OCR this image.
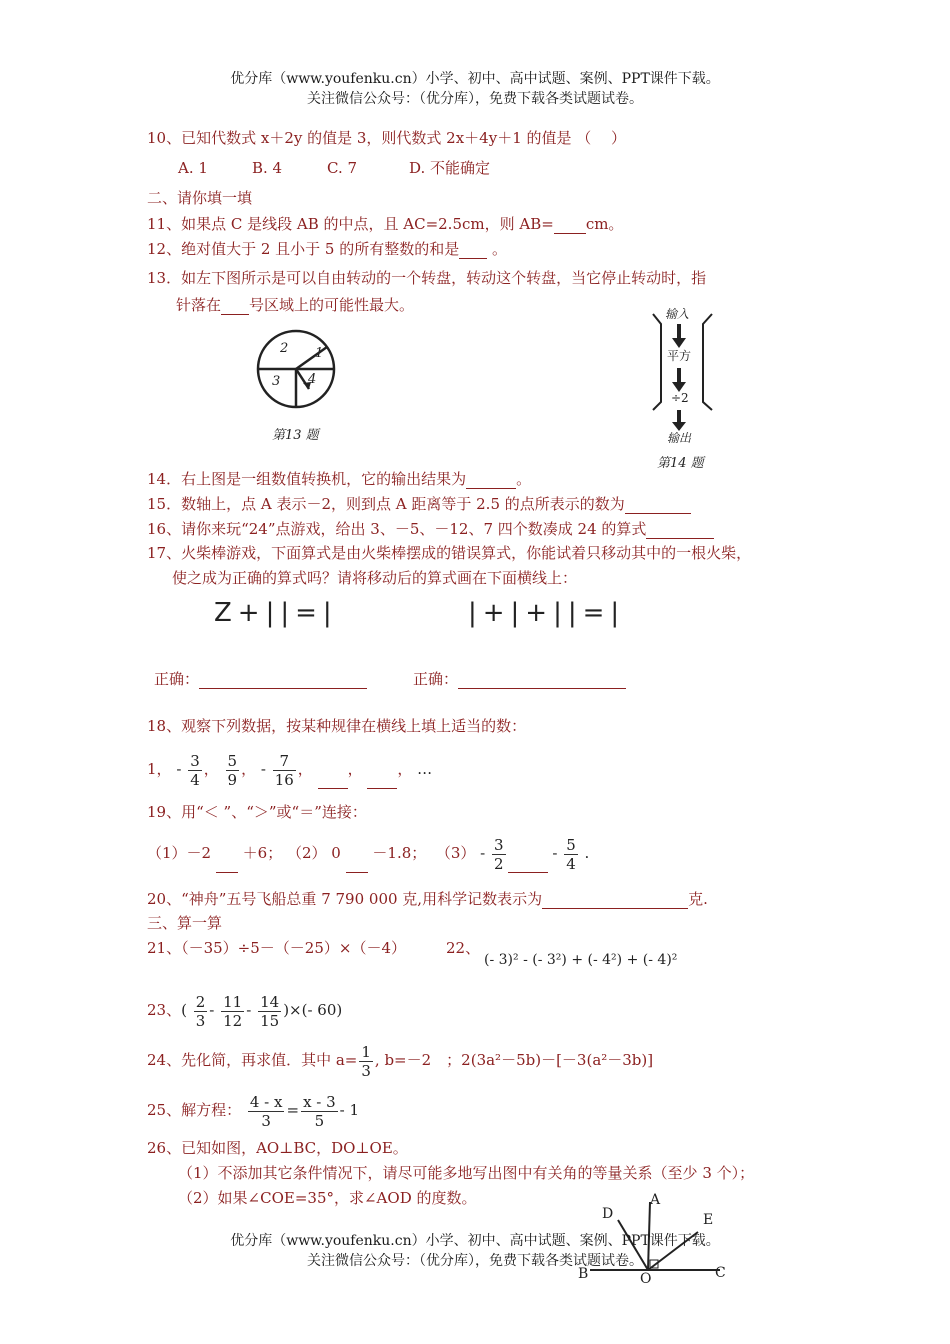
优分库（www.youfenku.cn）小学、初中、高中试题、案例、PPT课件下载。
关注微信公众号：（优分库），免费下载各类试题试卷。
10、已知代数式 x＋2y 的值是 3，则代数式 2x＋4y＋1 的值是 （　 ）
A. 1	B. 4	C. 7	D. 不能确定
二、请你填一填
11、如果点 C 是线段 AB 的中点，且 AC=2.5cm，则 AB= cm。
12、绝对值大于 2 且小于 5 的所有整数的和是  。
13．如左下图所示是可以自由转动的一个转盘，转动这个转盘，当它停止转动时，指
针落在 号区域上的可能性最大。
2 1
3 4
第13 题
输入
平方
÷2
输出
第14 题
14．右上图是一组数值转换机，它的输出结果为	。
15．数轴上，点 A 表示－2，则到点 A 距离等于 2.5 的点所表示的数为
16、请你来玩“24”点游戏，给出 3、－5、－12、7 四个数凑成 24 的算式
17、火柴棒游戏，下面算式是由火柴棒摆成的错误算式，你能试着只移动其中的一根火柴，
使之成为正确的算式吗？请将移动后的算式画在下面横线上：
Z+||=|	|+|+||=|
正确：	正确：
18、观察下列数据，按某种规律在横线上填上适当的数：
1， - $\frac{3}{4}$ ， $\frac{5}{9}$ ， - $\frac{7}{16}$ ，  ，  ， …
19、用“＜ ”、“＞”或“＝”连接：
（1）－2 ＋6； （2） 0 －1.8； $(3) - \frac{3}{2}$	- $\frac{5}{4}$ .
20、“神舟”五号飞船总重 7 790 000 克,用科学记数表示为	克.
三、算一算
21、（－35）÷5－（－25）×（－4）	22、
(- 3)² - (- 3²) + (- 4²) + (- 4)²
23、( $\frac{2}{3} - \frac{11}{12} - \frac{14}{15}$ )×(- 60)
24、先化简，再求值．其中 $a= \frac{1}{3}$ , b=－2　；2(3a²－5b)－[－3(a²－3b)]
25、解方程： $\frac{4 - x}{3} = \frac{x - 3}{5} - 1$
26、已知如图，AO⊥BC，DO⊥OE。
（1）不添加其它条件情况下，请尽可能多地写出图中有关角的等量关系（至少 3 个）；
（2）如果∠COE=35°，求∠AOD 的度数。	A
D	E
B	O	C
优分库（www.youfenku.cn）小学、初中、高中试题、案例、PPT课件下载。
关注微信公众号：（优分库），免费下载各类试题试卷。
